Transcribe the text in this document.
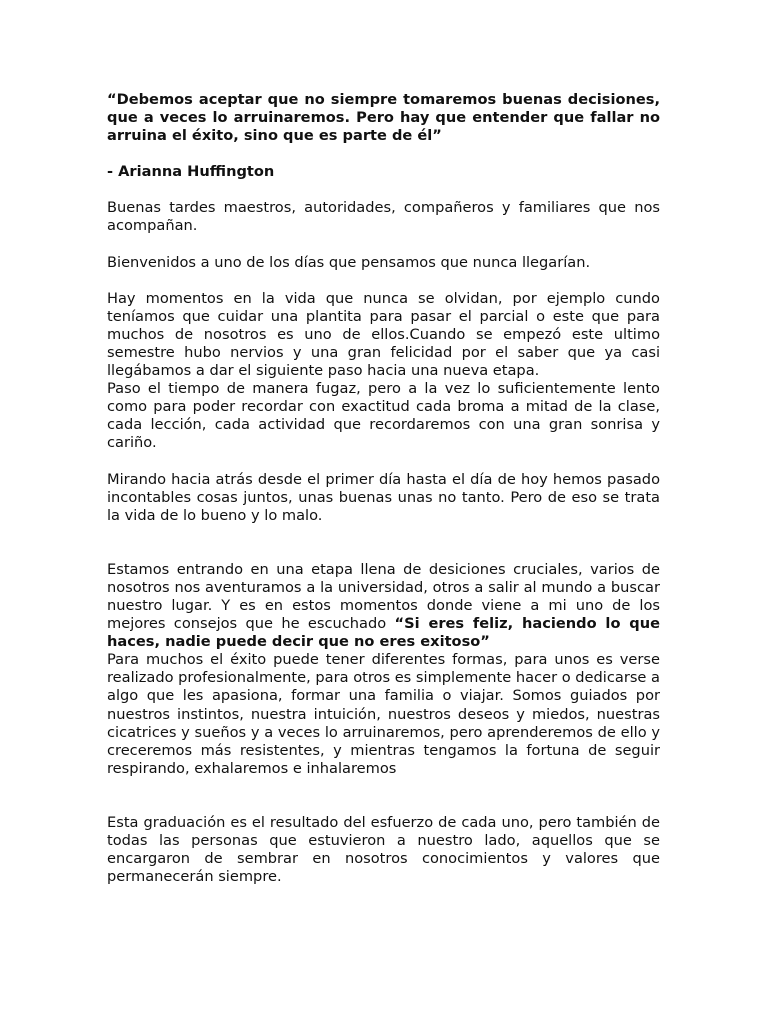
“Debemos aceptar que no siempre tomaremos buenas decisiones, que a veces lo arruinaremos. Pero hay que entender que fallar no arruina el éxito, sino que es parte de él”

- Arianna Huffington

Buenas tardes maestros, autoridades, compañeros y familiares que nos acompañan.

Bienvenidos a uno de los días que pensamos que nunca llegarían.

Hay momentos en la vida que nunca se olvidan, por ejemplo cundo teníamos que cuidar una plantita para pasar el parcial o este que para muchos de nosotros es uno de ellos.Cuando se empezó este ultimo semestre hubo nervios y una gran felicidad por el saber que ya casi llegábamos a dar el siguiente paso hacia una nueva etapa.

Paso el tiempo de manera fugaz, pero a la vez lo suficientemente lento como para poder recordar con exactitud cada broma a mitad de la clase, cada lección, cada actividad que recordaremos con una gran sonrisa y cariño.

Mirando hacia atrás desde el primer día hasta el día de hoy hemos pasado incontables cosas juntos, unas buenas unas no tanto. Pero de eso se trata la vida de lo bueno y lo malo.

Estamos entrando en una etapa llena de desiciones cruciales, varios de nosotros nos aventuramos a la universidad, otros a salir al mundo a buscar nuestro lugar. Y es en estos momentos donde viene a mi uno de los mejores consejos que he escuchado “Si eres feliz, haciendo lo que haces, nadie puede decir que no eres exitoso”

Para muchos el éxito puede tener diferentes formas, para unos es verse realizado profesionalmente, para otros es simplemente hacer o dedicarse a algo que les apasiona, formar una familia o viajar. Somos guiados por nuestros instintos, nuestra intuición, nuestros deseos y miedos, nuestras cicatrices y sueños y a veces lo arruinaremos, pero aprenderemos de ello y creceremos más resistentes, y mientras tengamos la fortuna de seguir respirando, exhalaremos e inhalaremos

Esta graduación es el resultado del esfuerzo de cada uno, pero también de todas las personas que estuvieron a nuestro lado, aquellos que se encargaron de sembrar en nosotros conocimientos y valores que permanecerán siempre.
